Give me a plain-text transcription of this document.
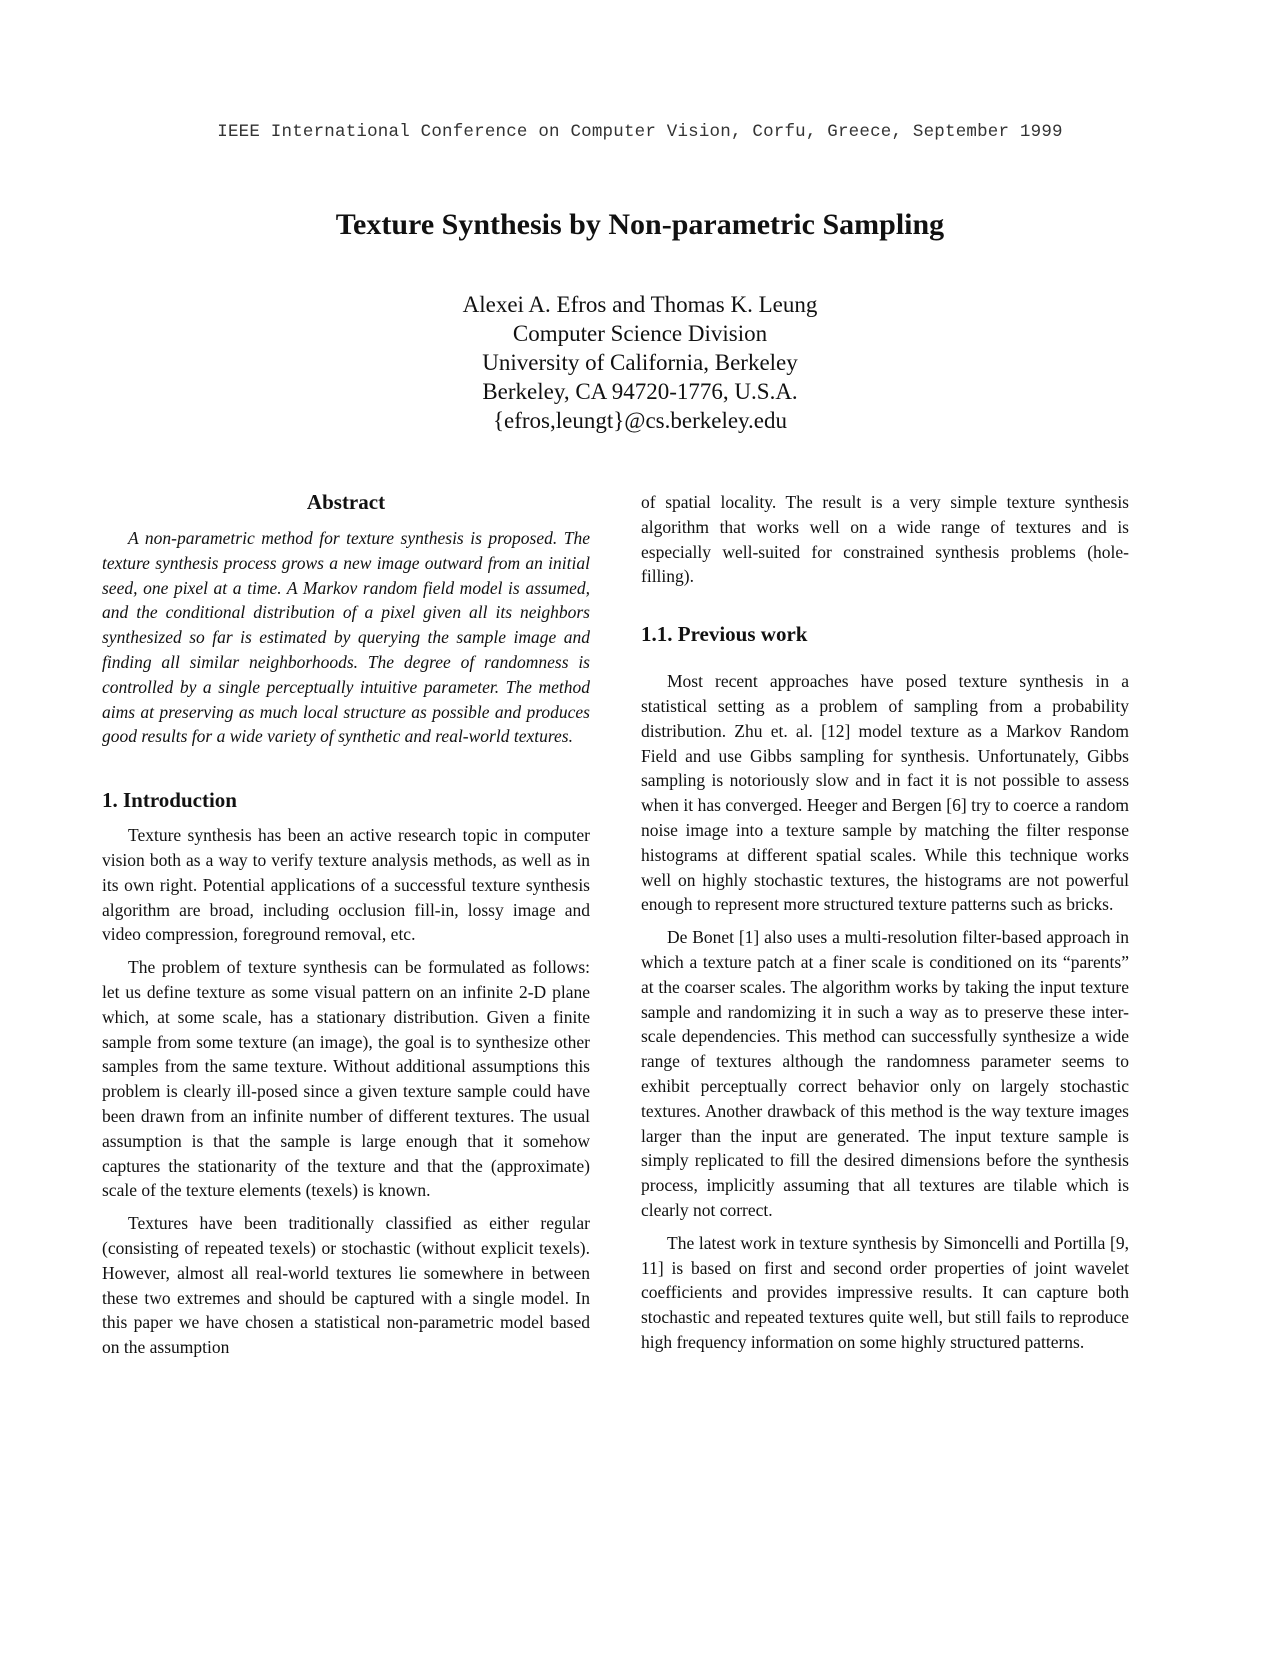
IEEE International Conference on Computer Vision, Corfu, Greece, September 1999
Texture Synthesis by Non-parametric Sampling
Alexei A. Efros and Thomas K. Leung
Computer Science Division
University of California, Berkeley
Berkeley, CA 94720-1776, U.S.A.
{efros,leungt}@cs.berkeley.edu
Abstract

A non-parametric method for texture synthesis is proposed. The texture synthesis process grows a new image outward from an initial seed, one pixel at a time. A Markov random field model is assumed, and the conditional distribution of a pixel given all its neighbors synthesized so far is estimated by querying the sample image and finding all similar neighborhoods. The degree of randomness is controlled by a single perceptually intuitive parameter. The method aims at preserving as much local structure as possible and produces good results for a wide variety of synthetic and real-world textures.

1. Introduction

Texture synthesis has been an active research topic in computer vision both as a way to verify texture analysis methods, as well as in its own right. Potential applications of a successful texture synthesis algorithm are broad, including occlusion fill-in, lossy image and video compression, foreground removal, etc.

The problem of texture synthesis can be formulated as follows: let us define texture as some visual pattern on an infinite 2-D plane which, at some scale, has a stationary distribution. Given a finite sample from some texture (an image), the goal is to synthesize other samples from the same texture. Without additional assumptions this problem is clearly ill-posed since a given texture sample could have been drawn from an infinite number of different textures. The usual assumption is that the sample is large enough that it somehow captures the stationarity of the texture and that the (approximate) scale of the texture elements (texels) is known.

Textures have been traditionally classified as either regular (consisting of repeated texels) or stochastic (without explicit texels). However, almost all real-world textures lie somewhere in between these two extremes and should be captured with a single model. In this paper we have chosen a statistical non-parametric model based on the assumption

of spatial locality. The result is a very simple texture synthesis algorithm that works well on a wide range of textures and is especially well-suited for constrained synthesis problems (hole-filling).

1.1. Previous work

Most recent approaches have posed texture synthesis in a statistical setting as a problem of sampling from a probability distribution. Zhu et. al. [12] model texture as a Markov Random Field and use Gibbs sampling for synthesis. Unfortunately, Gibbs sampling is notoriously slow and in fact it is not possible to assess when it has converged. Heeger and Bergen [6] try to coerce a random noise image into a texture sample by matching the filter response histograms at different spatial scales. While this technique works well on highly stochastic textures, the histograms are not powerful enough to represent more structured texture patterns such as bricks.

De Bonet [1] also uses a multi-resolution filter-based approach in which a texture patch at a finer scale is conditioned on its “parents” at the coarser scales. The algorithm works by taking the input texture sample and randomizing it in such a way as to preserve these inter-scale dependencies. This method can successfully synthesize a wide range of textures although the randomness parameter seems to exhibit perceptually correct behavior only on largely stochastic textures. Another drawback of this method is the way texture images larger than the input are generated. The input texture sample is simply replicated to fill the desired dimensions before the synthesis process, implicitly assuming that all textures are tilable which is clearly not correct.

The latest work in texture synthesis by Simoncelli and Portilla [9, 11] is based on first and second order properties of joint wavelet coefficients and provides impressive results. It can capture both stochastic and repeated textures quite well, but still fails to reproduce high frequency information on some highly structured patterns.
